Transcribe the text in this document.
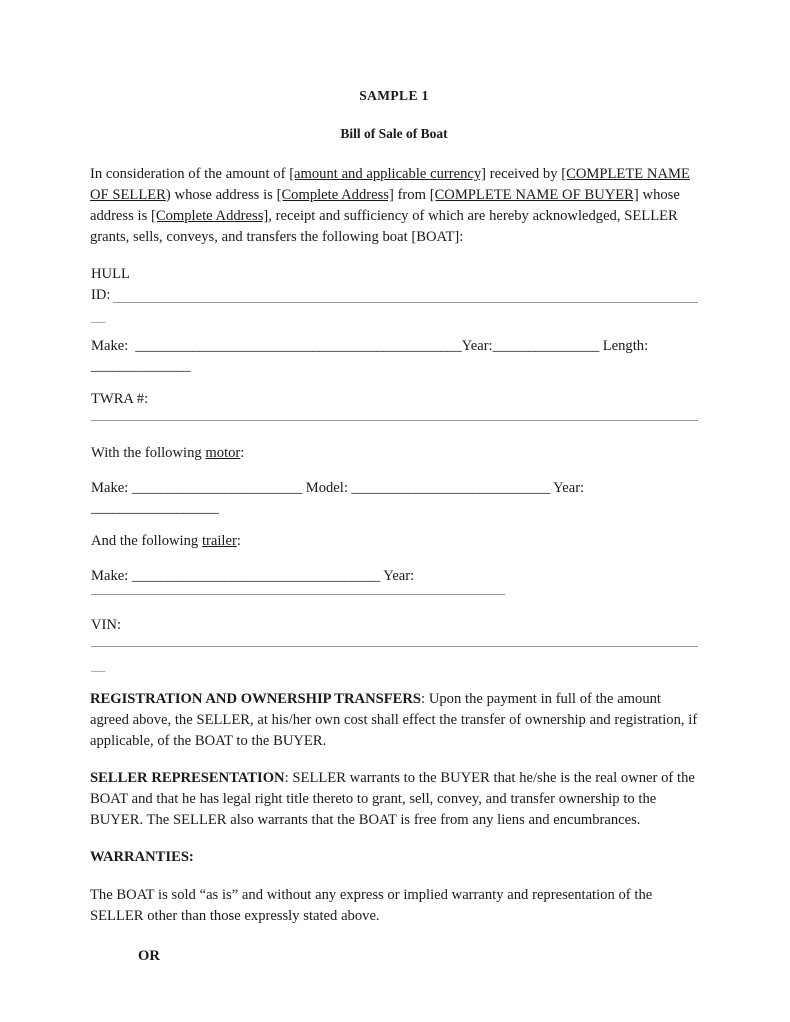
SAMPLE 1
Bill of Sale of Boat

In consideration of the amount of [amount and applicable currency] received by [COMPLETE NAME OF SELLER) whose address is [Complete Address] from [COMPLETE NAME OF BUYER] whose address is [Complete Address], receipt and sufficiency of which are hereby acknowledged, SELLER grants, sells, conveys, and transfers the following boat [BOAT]:

HULL
ID:
__
Make:  ______________________________________________Year:_______________ Length:
______________
TWRA #:

With the following motor:

Make: ________________________ Model: ____________________________ Year:
__________________

And the following trailer:

Make: ___________________________________ Year:
VIN:
__

REGISTRATION AND OWNERSHIP TRANSFERS: Upon the payment in full of the amount agreed above, the SELLER, at his/her own cost shall effect the transfer of ownership and registration, if applicable, of the BOAT to the BUYER.

SELLER REPRESENTATION: SELLER warrants to the BUYER that he/she is the real owner of the BOAT and that he has legal right title thereto to grant, sell, convey, and transfer ownership to the BUYER. The SELLER also warrants that the BOAT is free from any liens and encumbrances.

WARRANTIES:

The BOAT is sold “as is” and without any express or implied warranty and representation of the SELLER other than those expressly stated above.

OR
